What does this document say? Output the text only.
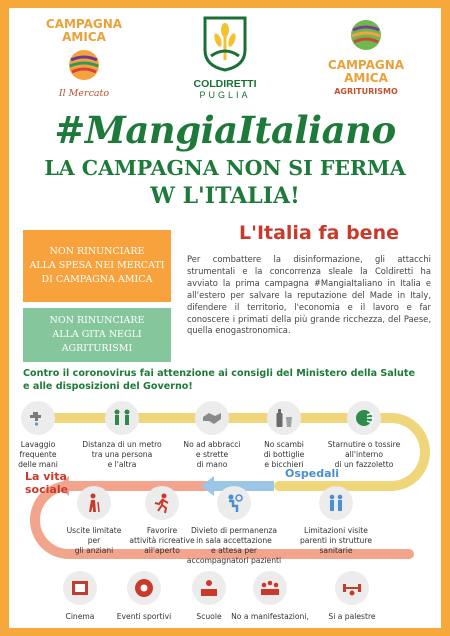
CAMPAGNA
AMICA
Il Mercato
COLDIRETTI
PUGLIA
CAMPAGNA
AMICA
AGRITURISMO
#MangiaItaliano
LA CAMPAGNA NON SI FERMA
W L'ITALIA!
NON RINUNCIARE
ALLA SPESA NEI MERCATI
DI CAMPAGNA AMICA
NON RINUNCIARE
ALLA GITA NEGLI
AGRITURISMI
L'Italia fa bene
Per combattere la disinformazione, gli attacchi strumentali e la concorrenza sleale la Coldiretti ha avviato la prima campagna #MangiaItaliano in Italia e all'estero per salvare la reputazione del Made in Italy, difendere il territorio, l'economia e il lavoro e far conoscere i primati della più grande ricchezza, del Paese, quella enogastronomica.
Contro il coronovirus fai attenzione ai consigli del Ministero della Salute
e alle disposizioni del Governo!
Lavaggio
frequente
delle mani
Distanza di un metro
tra una persona
e l'altra
No ad abbracci
e strette
di mano
No scambi
di bottiglie
e bicchieri
Starnutire o tossire
all'interno
di un fazzoletto
La vita
sociale
Ospedali
Uscite limitate
per
gli anziani
Favorire
attività ricreative
all'aperto
Divieto di permanenza
in sala accettazione
e attesa per
accompagnatori pazienti
Limitazioni visite
parenti in strutture
sanitarie
Cinema	Eventi sportivi	Scuole	No a manifestazioni,	Si a palestre
